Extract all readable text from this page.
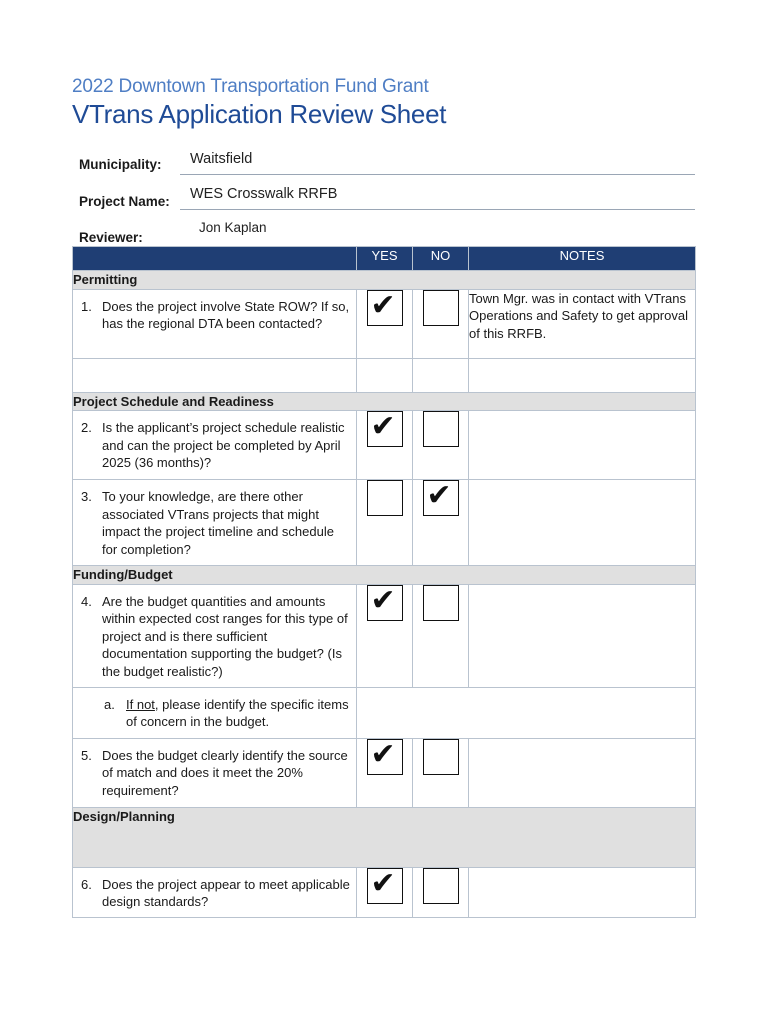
2022 Downtown Transportation Fund Grant
VTrans Application Review Sheet
Municipality: Waitsfield
Project Name: WES Crosswalk RRFB
Reviewer:
Jon Kaplan
	YES	NO	NOTES
Permitting			

1. Does the project involve State ROW? If so, has the regional DTA been contacted?	✔		Town Mgr. was in contact with VTrans Operations and Safety to get approval of this RRFB.

Project Schedule and Readiness			

2. Is the applicant’s project schedule realistic and can the project be completed by April 2025 (36 months)?	✔		

3. To your knowledge, are there other associated VTrans projects that might impact the project timeline and schedule for completion?		✔	

Funding/Budget			

4. Are the budget quantities and amounts within expected cost ranges for this type of project and is there sufficient documentation supporting the budget? (Is the budget realistic?)	✔		

a. If not, please identify the specific items of concern in the budget.			

5. Does the budget clearly identify the source of match and does it meet the 20% requirement?	✔		

Design/Planning			

6. Does the project appear to meet applicable design standards?	✔		
